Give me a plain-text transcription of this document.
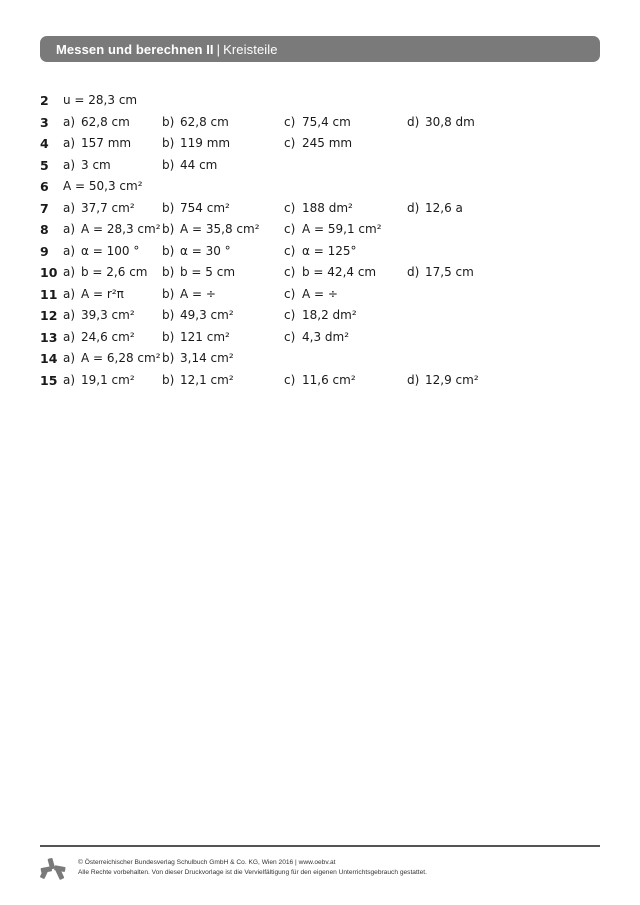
Messen und berechnen II | Kreisteile
2 u = 28,3 cm
3 a) 62,8 cm	b) 62,8 cm	c) 75,4 cm	d) 30,8 dm
4 a) 157 mm	b) 119 mm	c) 245 mm
5 a) 3 cm	b) 44 cm
6 A = 50,3 cm²
7 a) 37,7 cm² b) 754 cm²	c) 188 dm²	d) 12,6 a
8 a) A = 28,3 cm² b) A = 35,8 cm² c) A = 59,1 cm²
9 a) α = 100 ° b) α = 30 °	c) α = 125°
10 a) b = 2,6 cm b) b = 5 cm	c) b = 42,4 cm	d) 17,5 cm
11 a) A = r²π	b) A = ÷	c) A = ÷
12 a) 39,3 cm² b) 49,3 cm²	c) 18,2 dm²
13 a) 24,6 cm² b) 121 cm²	c) 4,3 dm²
14 a) A = 6,28 cm² b) 3,14 cm²
15 a) 19,1 cm² b) 12,1 cm²	c) 11,6 cm²	d) 12,9 cm²
© Österreichischer Bundesverlag Schulbuch GmbH & Co. KG, Wien 2016 | www.oebv.at
Alle Rechte vorbehalten. Von dieser Druckvorlage ist die Vervielfältigung für den eigenen Unterrichtsgebrauch gestattet.
